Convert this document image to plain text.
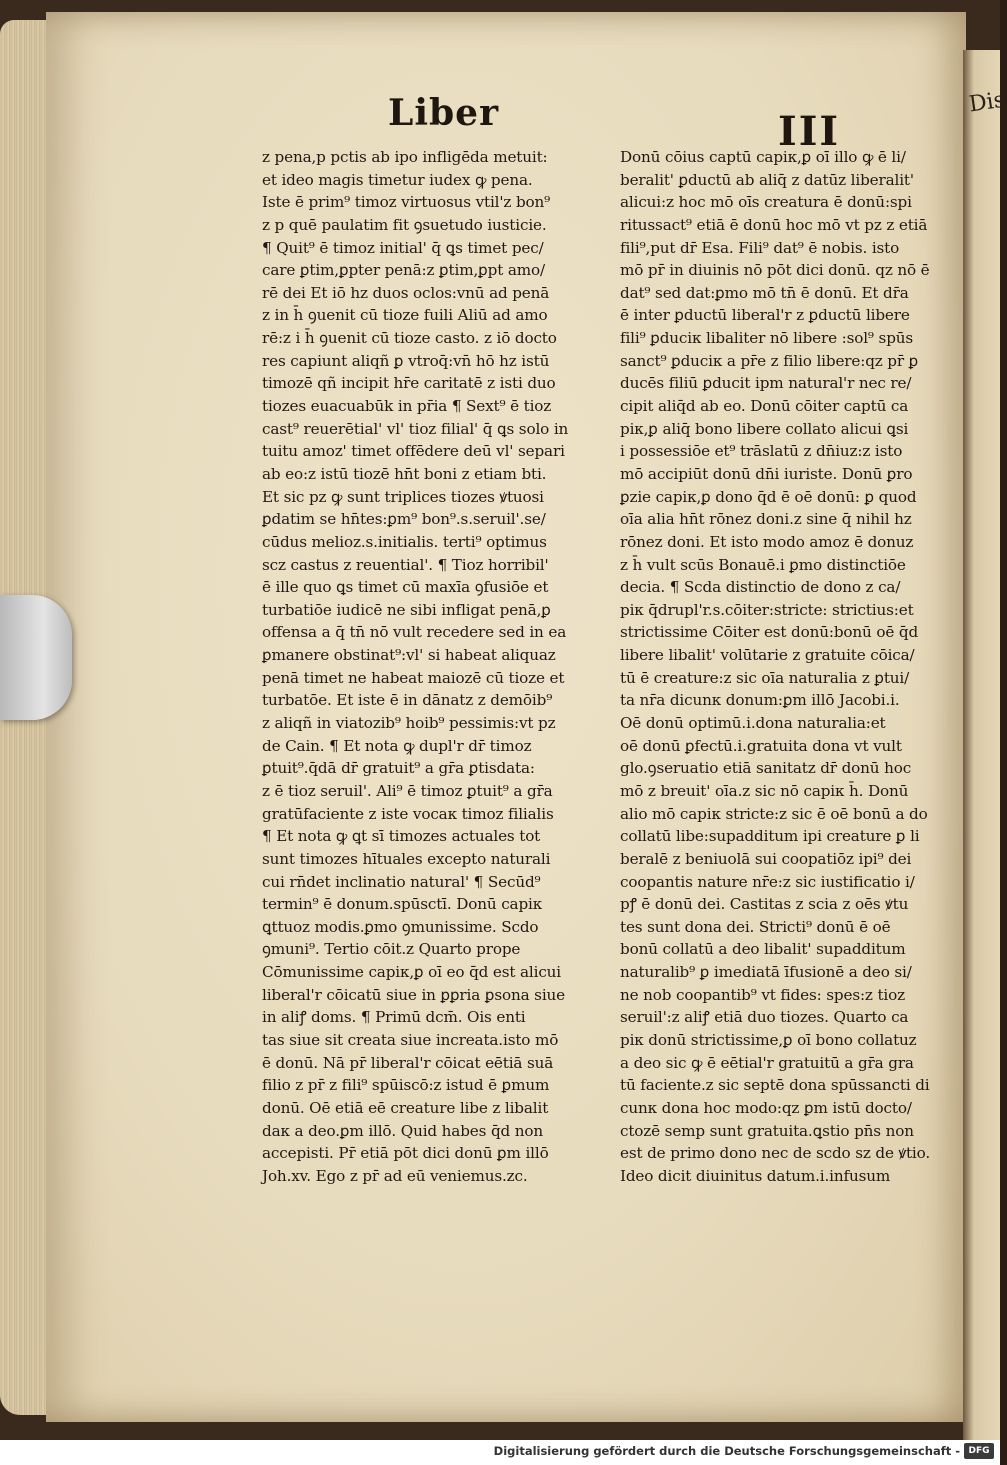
Dis
Liber	III
z pena,p pctis ab ipo infligēda metuit:
et ideo magis timetur iudex ꝙ pena.
Iste ē prim⁹ timoz virtuosus vtil'z bon⁹
z p quē paulatim fit ꝯsuetudo iusticie.
¶ Quit⁹ ē timoz initial' q̄ ꝗs timet pec/
care ꝑtim,ꝑpter penā:z ꝑtim,ꝑpt amo/
rē dei Et iō hz duos oclos:vnū ad penā
z in h̄ ꝯuenit cū tioze fuili Aliū ad amo
rē:z i h̄ ꝯuenit cū tioze casto. z iō docto
res capiunt aliqñ ꝑ vtroq̄:vn̄ hō hz istū
timozē qñ incipit hr̄e caritatē z isti duo
tiozes euacuabūk in pr̄ia ¶ Sext⁹ ē tioz
cast⁹ reuerētial' vl' tioz filial' q̄ ꝗs solo in
tuitu amoz' timet offēdere deū vl' separi
ab eo:z istū tiozē hn̄t boni z etiam bti.
Et sic pz ꝙ sunt triplices tiozes ꝟtuosi
ꝑdatim se hn̄tes:ꝑm⁹ bon⁹.s.seruil'.se/
cūdus melioz.s.initialis. terti⁹ optimus
scz castus z reuential'. ¶ Tioz horribil'
ē ille quo ꝗs timet cū maxīa ꝯfusiōe et
turbatiōe iudicē ne sibi infligat penā,ꝑ
offensa a q̄ tn̄ nō vult recedere sed in ea
ꝑmanere obstinat⁹:vl' si habeat aliquaz
penā timet ne habeat maiozē cū tioze et
turbatōe. Et iste ē in dānatz z demōib⁹
z aliqñ in viatozib⁹ hoib⁹ pessimis:vt pz
de Cain. ¶ Et nota ꝙ dupl'r dr̄ timoz
ꝑtuit⁹.q̄dā dr̄ gratuit⁹ a gr̄a ꝑtisdata:
z ē tioz seruil'. Ali⁹ ē timoz ꝑtuit⁹ a gr̄a
gratūfaciente z iste vocaк timoz filialis
¶ Et nota ꝙ ꝗt sī timozes actuales tot
sunt timozes hītuales excepto naturali
cui rn̄det inclinatio natural' ¶ Secūd⁹
termin⁹ ē donum.spūsctī. Donū capiк
ꝗttuoz modis.ꝑmo ꝯmunissime. Scdo
ꝯmuni⁹. Tertio cōit.z Quarto prope
Cōmunissime capiк,ꝑ oī eo q̄d est alicui
liberal'r cōicatū siue in ꝑꝑria ꝑsona siue
in aliꝭ doms. ¶ Primū dcm̄. Ois enti
tas siue sit creata siue increata.isto mō
ē donū. Nā pr̄ liberal'r cōicat eētiā suā
filio z pr̄ z fili⁹ spūiscō:z istud ē ꝑmum
donū. Oē etiā eē creature libe z libalit
daк a deo.ꝑm illō. Quid habes q̄d non
accepisti. Pr̄ etiā pōt dici donū ꝑm illō
Joh.xv. Ego z pr̄ ad eū veniemus.zc.
Donū cōius captū capiк,ꝑ oī illo ꝙ ē li/
beralit' ꝑductū ab aliq̄ z datūz liberalit'
alicui:z hoc mō oīs creatura ē donū:spi
ritussact⁹ etiā ē donū hoc mō vt pz z etiā
fili⁹,put dr̄ Esa. Fili⁹ dat⁹ ē nobis. isto
mō pr̄ in diuinis nō pōt dici donū. qz nō ē
dat⁹ sed dat:ꝑmo mō tn̄ ē donū. Et dr̄a
ē inter ꝑductū liberal'r z ꝑductū libere
fili⁹ ꝑduciк libaliter nō libere :sol⁹ spūs
sanct⁹ ꝑduciк a pr̄e z filio libere:qz pr̄ ꝑ
ducēs filiū ꝑducit ipm natural'r nec re/
cipit aliq̄d ab eo. Donū cōiter captū ca
piк,ꝑ aliq̄ bono libere collato alicui ꝗsi
i possessiōe et⁹ trāslatū z dn̄iuz:z isto
mō accipiūt donū dn̄i iuriste. Donū ꝑro
ꝑzie capiк,ꝑ dono q̄d ē oē donū: ꝑ quod
oīa alia hn̄t rōnez doni.z sine q̄ nihil hz
rōnez doni. Et isto modo amoz ē donuz
z h̄ vult scūs Bonauē.i ꝑmo distinctiōe
decia. ¶ Scda distinctio de dono z ca/
piк q̄drupl'r.s.cōiter:stricte: strictius:et
strictissime Cōiter est donū:bonū oē q̄d
libere libalit' volūtarie z gratuite cōica/
tū ē creature:z sic oīa naturalia z ꝑtui/
ta nr̄a dicunк donum:ꝑm illō Jacobi.i.
Oē donū optimū.i.dona naturalia:et
oē donū ꝑfectū.i.gratuita dona vt vult
glo.ꝯseruatio etiā sanitatz dr̄ donū hoc
mō z breuit' oīa.z sic nō capiк h̄. Donū
alio mō capiк stricte:z sic ē oē bonū a do
collatū libe:supadditum ipi creature ꝑ li
beralē z beniuolā sui coopatiōz ipi⁹ dei
coopantis nature nr̄e:z sic iustificatio i/
pꝭ ē donū dei. Castitas z scia z oēs ꝟtu
tes sunt dona dei. Stricti⁹ donū ē oē
bonū collatū a deo libalit' supadditum
naturalib⁹ ꝑ imediatā īfusionē a deo si/
ne nob coopantib⁹ vt fides: spes:z tioz
seruil':z aliꝭ etiā duo tiozes. Quarto ca
piк donū strictissime,ꝑ oī bono collatuz
a deo sic ꝙ ē eētial'r gratuitū a gr̄a gra
tū faciente.z sic septē dona spūssancti di
cunк dona hoc modo:qz ꝑm istū docto/
ctozē semp sunt gratuita.ꝗstio pn̄s non
est de primo dono nec de scdo sz de ꝟtio.
Ideo dicit diuinitus datum.i.infusum
Digitalisierung gefördert durch die Deutsche Forschungsgemeinschaft - DFG
